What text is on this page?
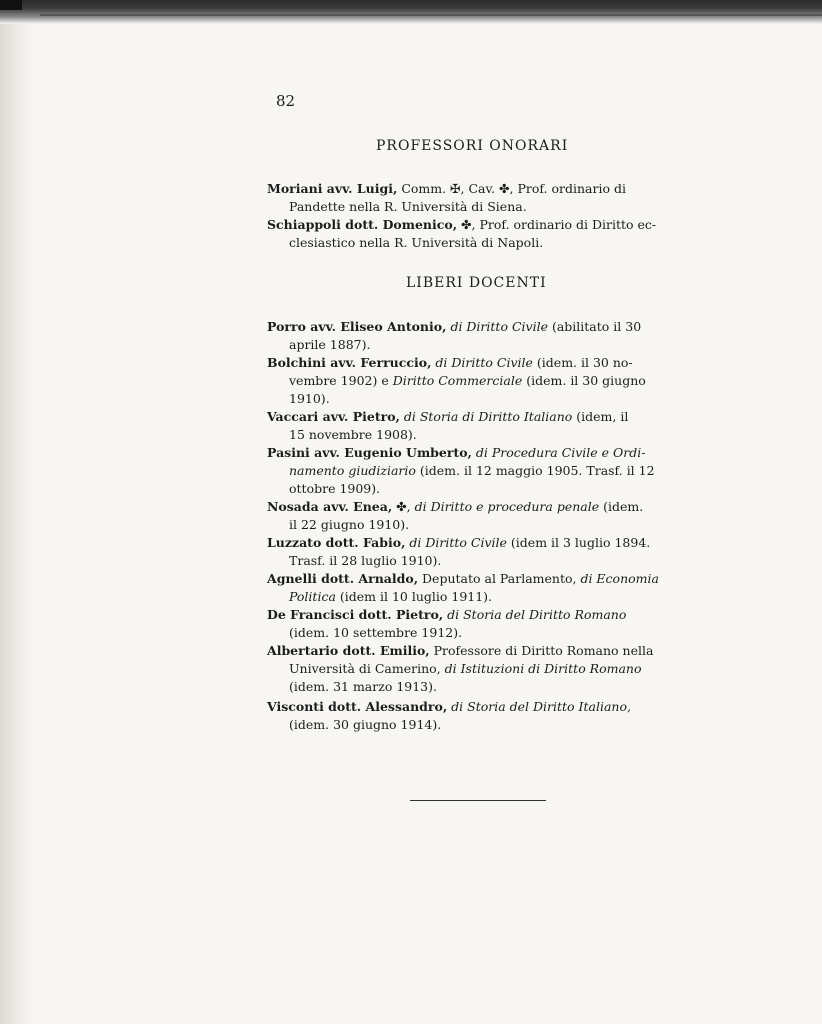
82
PROFESSORI ONORARI
Moriani avv. Luigi, Comm. ✠, Cav. ✤, Prof. ordinario di
Pandette nella R. Università di Siena.
Schiappoli dott. Domenico, ✤, Prof. ordinario di Diritto ec-
clesiastico nella R. Università di Napoli.
LIBERI DOCENTI
Porro avv. Eliseo Antonio, di Diritto Civile (abilitato il 30
aprile 1887).
Bolchini avv. Ferruccio, di Diritto Civile (idem. il 30 no-
vembre 1902) e Diritto Commerciale (idem. il 30 giugno
1910).
Vaccari avv. Pietro, di Storia di Diritto Italiano (idem, il
15 novembre 1908).
Pasini avv. Eugenio Umberto, di Procedura Civile e Ordi-
namento giudiziario (idem. il 12 maggio 1905. Trasf. il 12
ottobre 1909).
Nosada avv. Enea, ✤, di Diritto e procedura penale (idem.
il 22 giugno 1910).
Luzzato dott. Fabio, di Diritto Civile (idem il 3 luglio 1894.
Trasf. il 28 luglio 1910).
Agnelli dott. Arnaldo, Deputato al Parlamento, di Economia
Politica (idem il 10 luglio 1911).
De Francisci dott. Pietro, di Storia del Diritto Romano
(idem. 10 settembre 1912).
Albertario dott. Emilio, Professore di Diritto Romano nella
Università di Camerino, di Istituzioni di Diritto Romano
(idem. 31 marzo 1913).
Visconti dott. Alessandro, di Storia del Diritto Italiano,
(idem. 30 giugno 1914).
